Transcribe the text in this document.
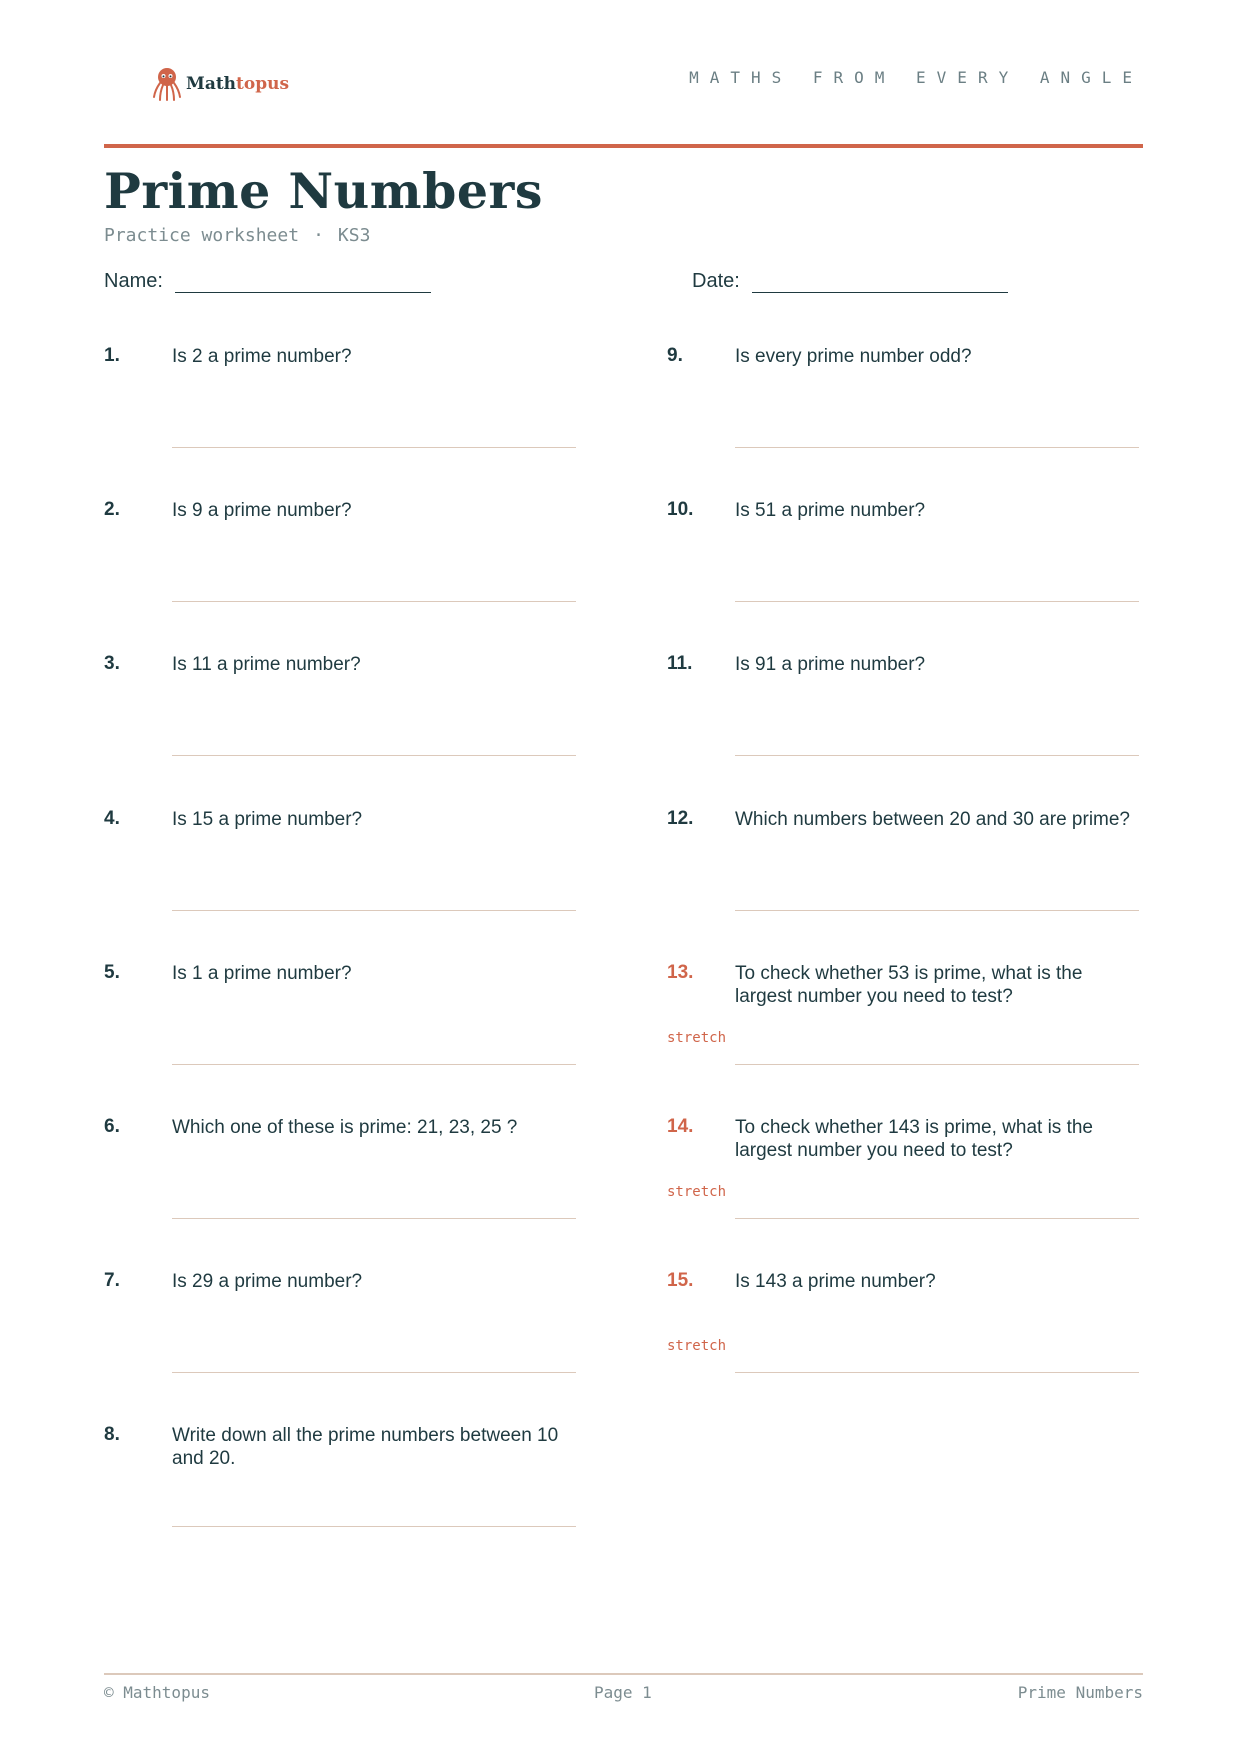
Mathtopus	MATHS FROM EVERY ANGLE
Prime Numbers
Practice worksheet · KS3
Name:	Date:
1.	Is 2 a prime number?
2.	Is 9 a prime number?
3.	Is 11 a prime number?
4.	Is 15 a prime number?
5.	Is 1 a prime number?
6.	Which one of these is prime: 21, 23, 25 ?
7.	Is 29 a prime number?
8.	Write down all the prime numbers between 10 and 20.
9.	Is every prime number odd?
10. Is 51 a prime number?
11. Is 91 a prime number?
12. Which numbers between 20 and 30 are prime?
13. To check whether 53 is prime, what is the largest number you need to test?
stretch
14. To check whether 143 is prime, what is the largest number you need to test?
stretch
15. Is 143 a prime number?
stretch
© Mathtopus	Page 1	Prime Numbers
